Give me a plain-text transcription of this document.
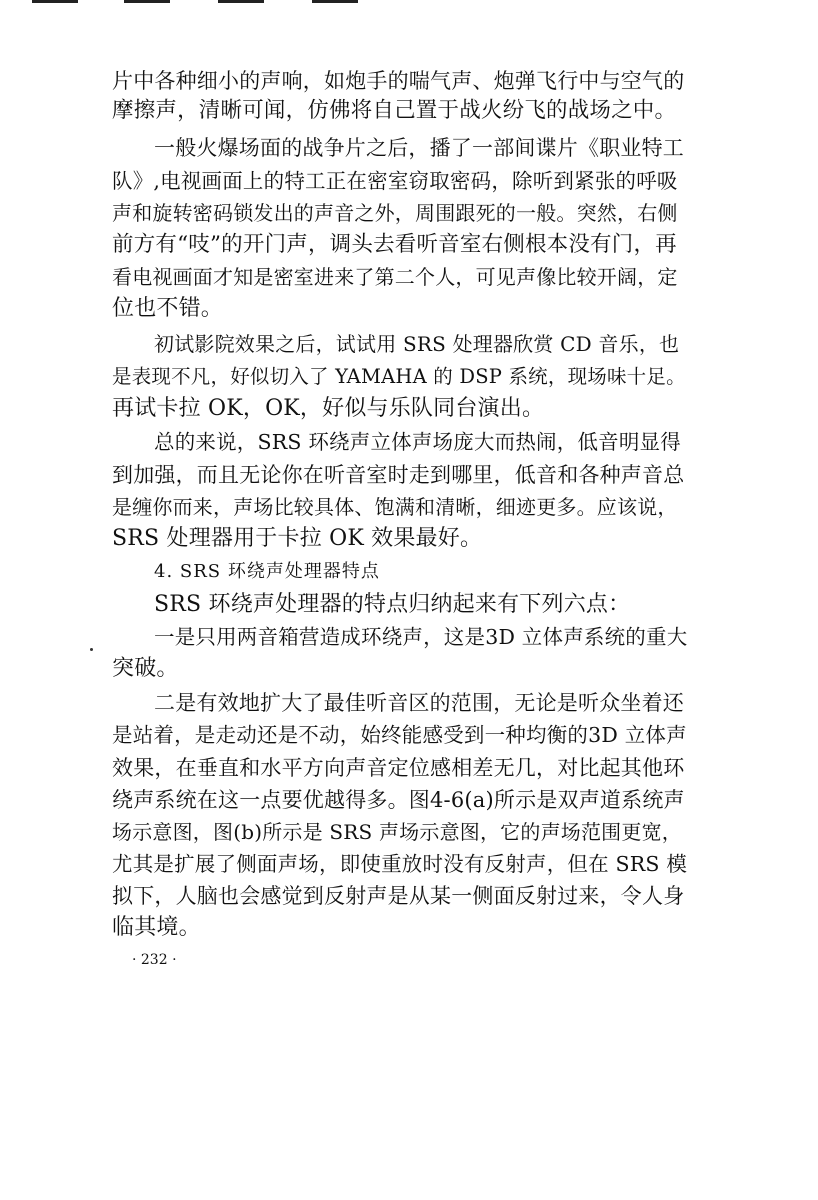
片中各种细小的声响，如炮手的喘气声、炮弹飞行中与空气的
摩擦声，清晰可闻，仿佛将自己置于战火纷飞的战场之中。
一般火爆场面的战争片之后，播了一部间谍片《职业特工
队》,电视画面上的特工正在密室窃取密码，除听到紧张的呼吸
声和旋转密码锁发出的声音之外，周围跟死的一般。突然，右侧
前方有“吱”的开门声，调头去看听音室右侧根本没有门，再
看电视画面才知是密室进来了第二个人，可见声像比较开阔，定
位也不错。
初试影院效果之后，试试用 SRS 处理器欣赏 CD 音乐，也
是表现不凡，好似切入了 YAMAHA 的 DSP 系统，现场味十足。
再试卡拉 OK，OK，好似与乐队同台演出。
总的来说，SRS 环绕声立体声场庞大而热闹，低音明显得
到加强，而且无论你在听音室时走到哪里，低音和各种声音总
是缠你而来，声场比较具体、饱满和清晰，细迹更多。应该说，
SRS 处理器用于卡拉 OK 效果最好。
4. SRS 环绕声处理器特点
SRS 环绕声处理器的特点归纳起来有下列六点：
一是只用两音箱营造成环绕声，这是3D 立体声系统的重大
突破。
二是有效地扩大了最佳听音区的范围，无论是听众坐着还
是站着，是走动还是不动，始终能感受到一种均衡的3D 立体声
效果，在垂直和水平方向声音定位感相差无几，对比起其他环
绕声系统在这一点要优越得多。图4-6(a)所示是双声道系统声
场示意图，图(b)所示是 SRS 声场示意图，它的声场范围更宽，
尤其是扩展了侧面声场，即使重放时没有反射声，但在 SRS 模
拟下，人脑也会感觉到反射声是从某一侧面反射过来，令人身
临其境。
· 232 ·
